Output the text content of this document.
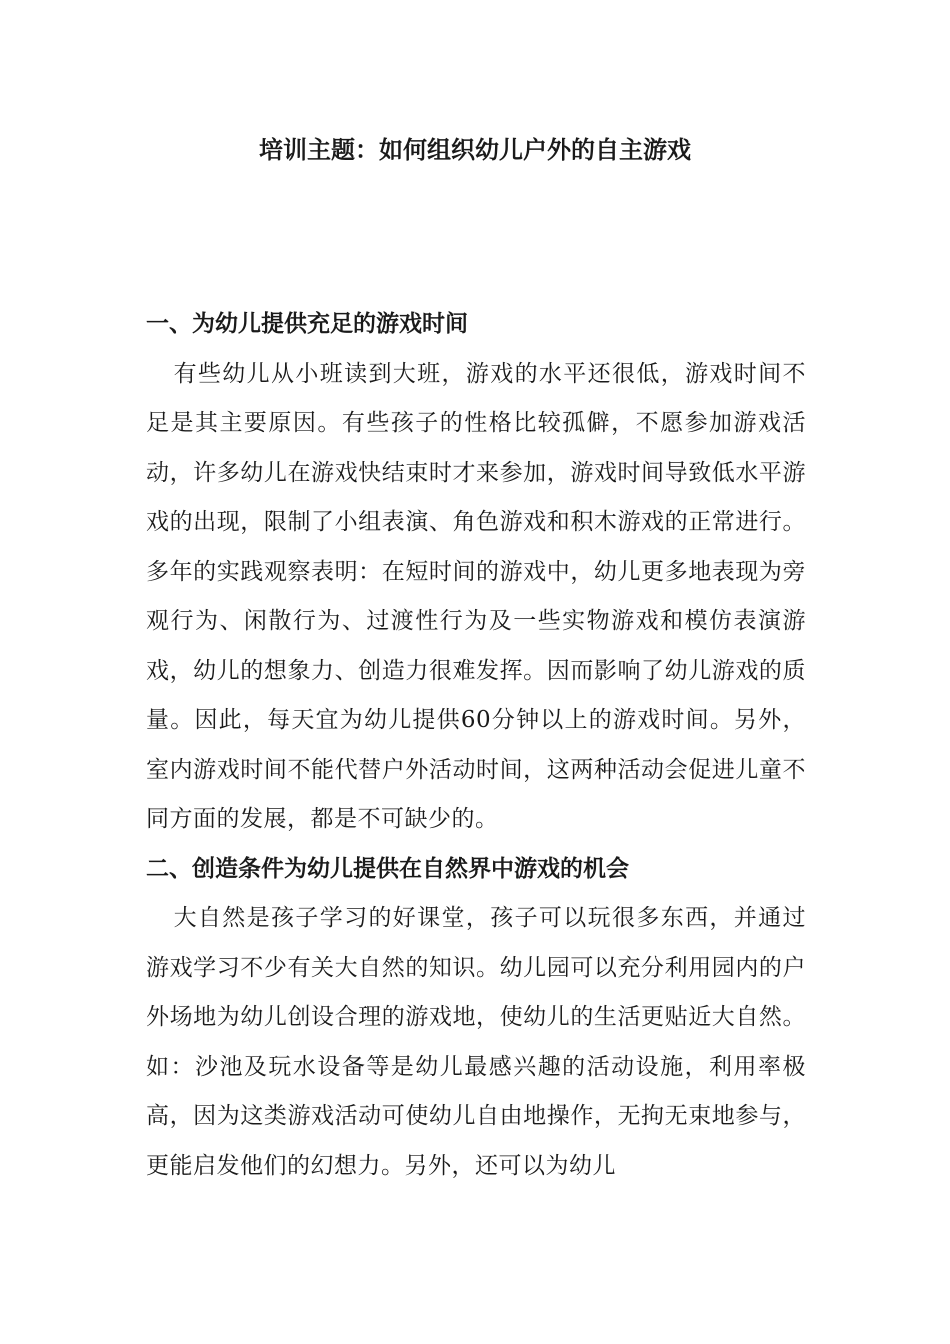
培训主题：如何组织幼儿户外的自主游戏
一、为幼儿提供充足的游戏时间

有些幼儿从小班读到大班，游戏的水平还很低，游戏时间不足是其主要原因。有些孩子的性格比较孤僻，不愿参加游戏活动，许多幼儿在游戏快结束时才来参加，游戏时间导致低水平游戏的出现，限制了小组表演、角色游戏和积木游戏的正常进行。多年的实践观察表明：在短时间的游戏中，幼儿更多地表现为旁观行为、闲散行为、过渡性行为及一些实物游戏和模仿表演游戏，幼儿的想象力、创造力很难发挥。因而影响了幼儿游戏的质量。因此，每天宜为幼儿提供60分钟以上的游戏时间。另外，室内游戏时间不能代替户外活动时间，这两种活动会促进儿童不同方面的发展，都是不可缺少的。

二、创造条件为幼儿提供在自然界中游戏的机会

大自然是孩子学习的好课堂，孩子可以玩很多东西，并通过游戏学习不少有关大自然的知识。幼儿园可以充分利用园内的户外场地为幼儿创设合理的游戏地，使幼儿的生活更贴近大自然。如：沙池及玩水设备等是幼儿最感兴趣的活动设施，利用率极高，因为这类游戏活动可使幼儿自由地操作，无拘无束地参与，更能启发他们的幻想力。另外，还可以为幼儿
